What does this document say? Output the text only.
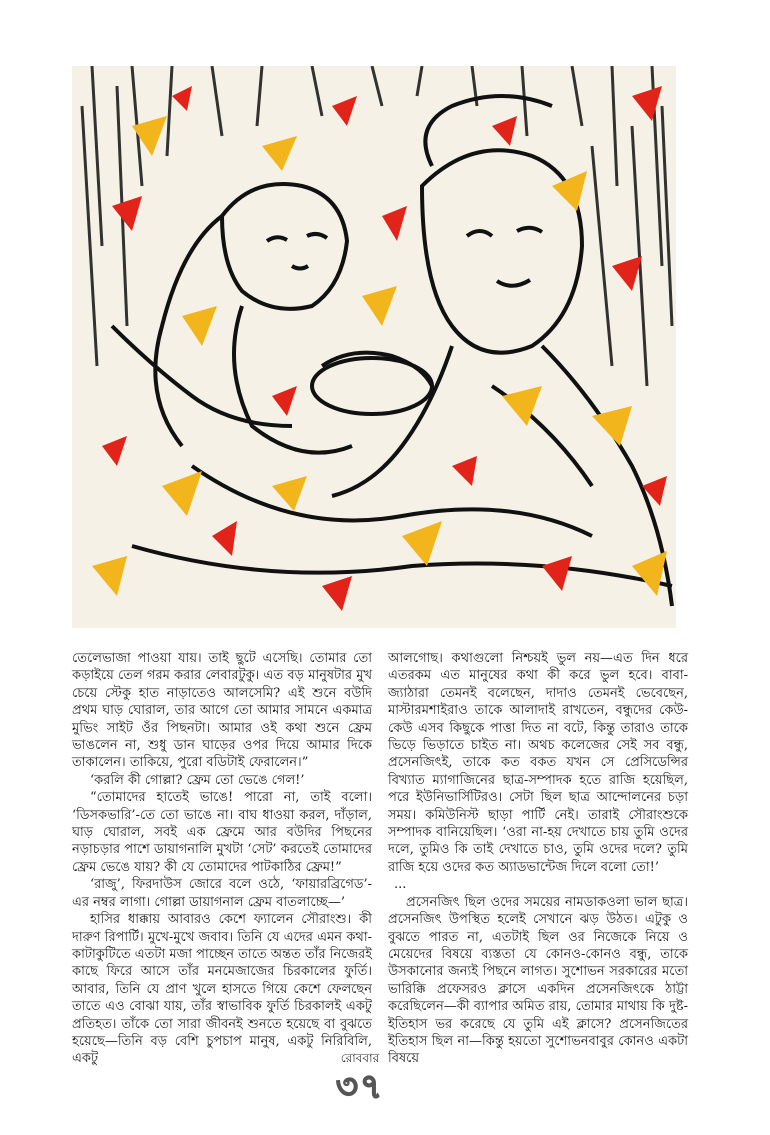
তেলেভাজা পাওয়া যায়। তাই ছুটে এসেছি। তোমার তো কড়াইয়ে তেল গরম করার লেবারটুকু। এত বড় মানুষটার মুখ চেয়ে স্টেকু হাত নাড়াতেও আলসেমি? এই শুনে বউদি প্রথম ঘাড় ঘোরাল, তার আগে তো আমার সামনে একমাত্র মুভিং সাইট ওঁর পিছনটা। আমার ওই কথা শুনে ফ্রেম ভাঙলেন না, শুধু ডান ঘাড়ের ওপর দিয়ে আমার দিকে তাকালেন। তাকিয়ে, পুরো বডিটাই ফেরালেন।”

‘করলি কী গোল্লা? ফ্রেম তো ভেঙে গেল!’

“তোমাদের হাতেই ভাঙে! পারো না, তাই বলো। ‘ডিসকভারি’-তে তো ভাঙে না। বাঘ ধাওয়া করল, দাঁড়াল, ঘাড় ঘোরাল, সবই এক ফ্রেমে আর বউদির পিছনের নড়াচড়ার পাশে ডায়াগনালি মুখটা ‘সেট’ করতেই তোমাদের ফ্রেম ভেঙে যায়? কী যে তোমাদের পাটকাঠির ফ্রেম!”

‘রাজু’, ফিরদাউস জোরে বলে ওঠে, ‘ফায়ারব্রিগেড’-এর নম্বর লাগা। গোল্লা ডায়াগনাল ফ্রেম বাতলাচ্ছে—’

হাসির ধাক্কায় আবারও কেশে ফ্যালেন সৌরাংশু। কী দারুণ রিপার্টি। মুখে-মুখে জবাব। তিনি যে এদের এমন কথা-কাটাকুটিতে এতটা মজা পাচ্ছেন তাতে অন্তত তাঁর নিজেরই কাছে ফিরে আসে তাঁর মনমেজাজের চিরকালের ফুর্তি। আবার, তিনি যে প্রাণ খুলে হাসতে গিয়ে কেশে ফেলছেন তাতে এও বোঝা যায়, তাঁর স্বাভাবিক ফুর্তি চিরকালই একটু প্রতিহত। তাঁকে তো সারা জীবনই শুনতে হয়েছে বা বুঝতে হয়েছে—তিনি বড় বেশি চুপচাপ মানুষ, একটু নিরিবিলি, একটু

আলগোছ। কথাগুলো নিশ্চয়ই ভুল নয়—এত দিন ধরে এতরকম এত মানুষের কথা কী করে ভুল হবে। বাবা-জ্যাঠারা তেমনই বলেছেন, দাদাও তেমনই ভেবেছেন, মাস্টারমশাইরাও তাকে আলাদাই রাখতেন, বন্ধুদের কেউ-কেউ এসব কিছুকে পাত্তা দিত না বটে, কিন্তু তারাও তাকে ভিড়ে ভিড়াতে চাইত না। অথচ কলেজের সেই সব বন্ধু, প্রসেনজিৎই, তাকে কত বকত যখন সে প্রেসিডেন্সির বিখ্যাত ম্যাগাজিনের ছাত্র-সম্পাদক হতে রাজি হয়েছিল, পরে ইউনিভার্সিটিরও। সেটা ছিল ছাত্র আন্দোলনের চড়া সময়। কমিউনিস্ট ছাড়া পার্টি নেই। তারাই সৌরাংশুকে সম্পাদক বানিয়েছিল। ‘ওরা না-হয় দেখাতে চায় তুমি ওদের দলে, তুমিও কি তাই দেখাতে চাও, তুমি ওদের দলে? তুমি রাজি হয়ে ওদের কত অ্যাডভান্টেজ দিলে বলো তো!’

...

প্রসেনজিৎ ছিল ওদের সময়ের নামডাকওলা ভাল ছাত্র। প্রসেনজিৎ উপস্থিত হলেই সেখানে ঝড় উঠত। এটুকু ও বুঝতে পারত না, এতটাই ছিল ওর নিজেকে নিয়ে ও মেয়েদের বিষয়ে ব্যস্ততা যে কোনও-কোনও বন্ধু, তাকে উসকানোর জন্যই পিছনে লাগত। সুশোভন সরকারের মতো ভারিক্কি প্রফেসরও ক্লাসে একদিন প্রসেনজিৎকে ঠাট্টা করেছিলেন—কী ব্যাপার অমিত রায়, তোমার মাথায় কি দুষ্ট-ইতিহাস ভর করেছে যে তুমি এই ক্লাসে? প্রসেনজিতের ইতিহাস ছিল না—কিন্তু হয়তো সুশোভনবাবুর কোনও একটা বিষয়ে

রোববার
৩৭
